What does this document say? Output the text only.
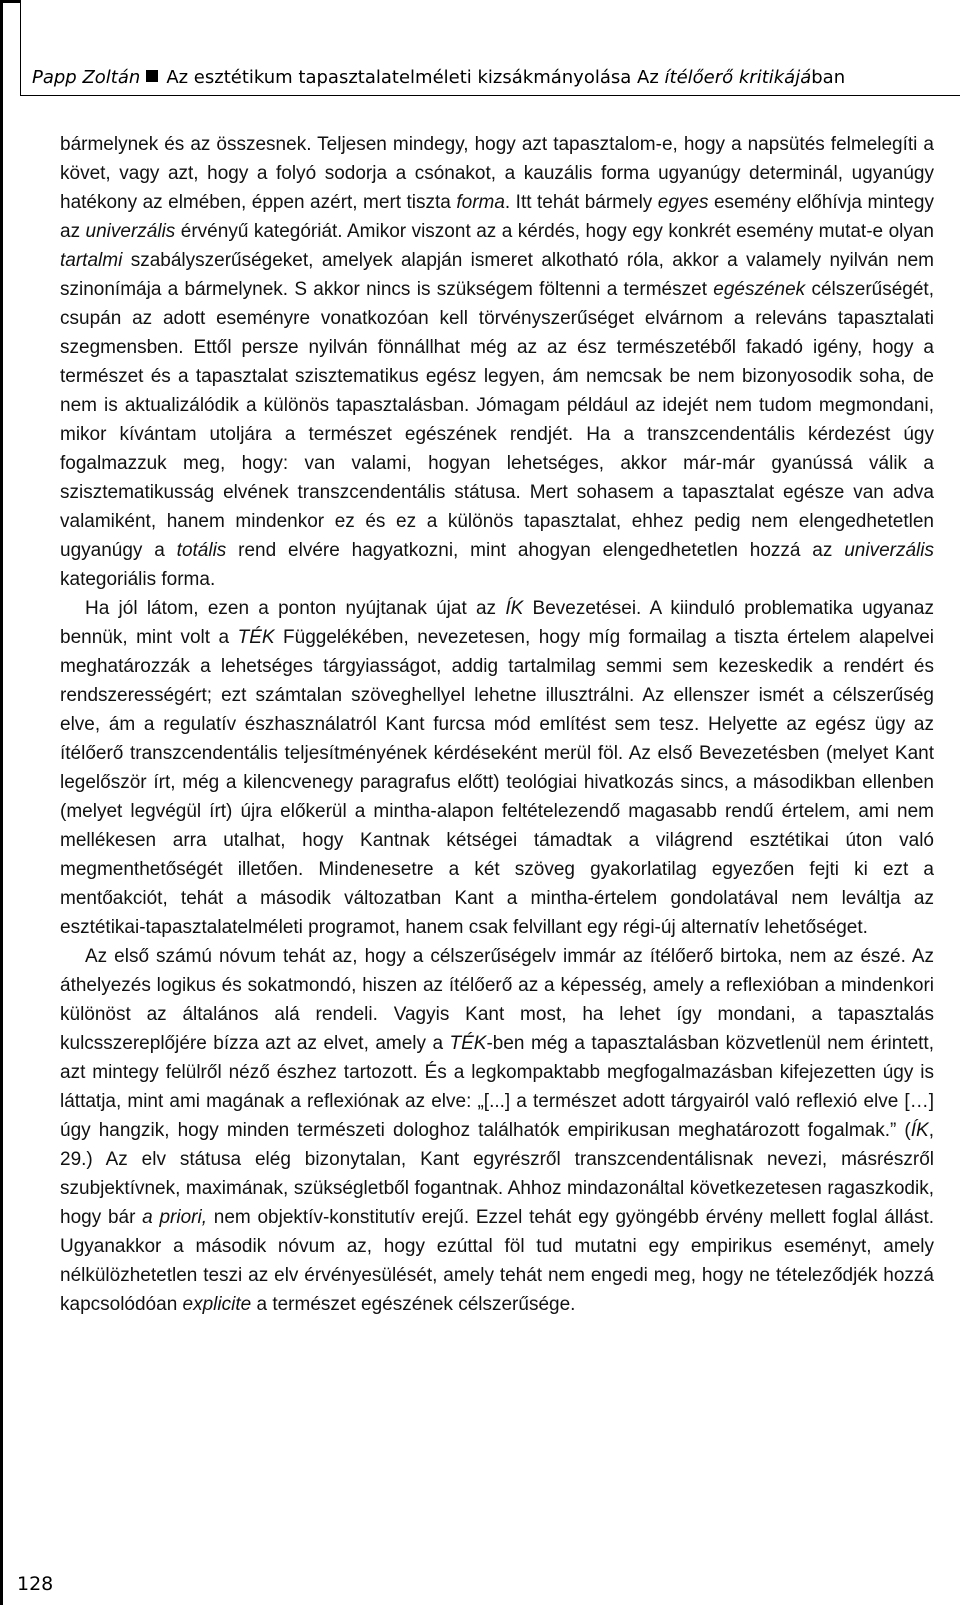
Papp Zoltán Az esztétikum tapasztalatelméleti kizsákmányolása Az ítélőerő kritikájában

bármelynek és az összesnek. Teljesen mindegy, hogy azt tapasztalom-e, hogy a napsütés felmelegíti a követ, vagy azt, hogy a folyó sodorja a csónakot, a kauzális forma ugyanúgy determinál, ugyanúgy hatékony az elmében, éppen azért, mert tiszta forma. Itt tehát bármely egyes esemény előhívja mintegy az univerzális érvényű kategóriát. Amikor viszont az a kérdés, hogy egy konkrét esemény mutat-e olyan tartalmi szabályszerűségeket, amelyek alapján ismeret alkotható róla, akkor a valamely nyilván nem szinonímája a bármelynek. S akkor nincs is szükségem föltenni a természet egészének célszerűségét, csupán az adott eseményre vonatkozóan kell törvényszerűséget elvárnom a releváns tapasztalati szegmensben. Ettől persze nyilván fönnállhat még az az ész természetéből fakadó igény, hogy a természet és a tapasztalat szisztematikus egész legyen, ám nemcsak be nem bizonyosodik soha, de nem is aktualizálódik a különös tapasztalásban. Jómagam például az idejét nem tudom megmondani, mikor kívántam utoljára a természet egészének rendjét. Ha a transzcendentális kérdezést úgy fogalmazzuk meg, hogy: van valami, hogyan lehetséges, akkor már-már gyanússá válik a szisztematikusság elvének transzcendentális státusa. Mert sohasem a tapasztalat egésze van adva valamiként, hanem mindenkor ez és ez a különös tapasztalat, ehhez pedig nem elengedhetetlen ugyanúgy a totális rend elvére hagyatkozni, mint ahogyan elengedhetetlen hozzá az univerzális kategoriális forma.

Ha jól látom, ezen a ponton nyújtanak újat az ÍK Bevezetései. A kiinduló problematika ugyanaz bennük, mint volt a TÉK Függelékében, nevezetesen, hogy míg formailag a tiszta értelem alapelvei meghatározzák a lehetséges tárgyiasságot, addig tartalmilag semmi sem kezeskedik a rendért és rendszerességért; ezt számtalan szöveghellyel lehetne illusztrálni. Az ellenszer ismét a célszerűség elve, ám a regulatív észhasználatról Kant furcsa mód említést sem tesz. Helyette az egész ügy az ítélőerő transzcendentális teljesítményének kérdéseként merül föl. Az első Bevezetésben (melyet Kant legelőször írt, még a kilencvenegy paragrafus előtt) teológiai hivatkozás sincs, a másodikban ellenben (melyet legvégül írt) újra előkerül a mintha-alapon feltételezendő magasabb rendű értelem, ami nem mellékesen arra utalhat, hogy Kantnak kétségei támadtak a világrend esztétikai úton való megmenthetőségét illetően. Mindenesetre a két szöveg gyakorlatilag egyezően fejti ki ezt a mentőakciót, tehát a második változatban Kant a mintha-értelem gondolatával nem leváltja az esztétikai-tapasztalatelméleti programot, hanem csak felvillant egy régi-új alternatív lehetőséget.

Az első számú nóvum tehát az, hogy a célszerűségelv immár az ítélőerő birtoka, nem az észé. Az áthelyezés logikus és sokatmondó, hiszen az ítélőerő az a képesség, amely a reflexióban a mindenkori különöst az általános alá rendeli. Vagyis Kant most, ha lehet így mondani, a tapasztalás kulcsszereplőjére bízza azt az elvet, amely a TÉK-ben még a tapasztalásban közvetlenül nem érintett, azt mintegy felülről néző észhez tartozott. És a legkompaktabb megfogalmazásban kifejezetten úgy is láttatja, mint ami magának a reflexiónak az elve: „[...] a természet adott tárgyairól való reflexió elve […] úgy hangzik, hogy minden természeti dologhoz találhatók empirikusan meghatározott fogalmak.” (ÍK, 29.) Az elv státusa elég bizonytalan, Kant egyrészről transzcendentálisnak nevezi, másrészről szubjektívnek, maximának, szükségletből fogantnak. Ahhoz mindazonáltal következetesen ragaszkodik, hogy bár a priori, nem objektív-konstitutív erejű. Ezzel tehát egy gyöngébb érvény mellett foglal állást. Ugyanakkor a második nóvum az, hogy ezúttal föl tud mutatni egy empirikus eseményt, amely nélkülözhetetlen teszi az elv érvényesülését, amely tehát nem engedi meg, hogy ne tételeződjék hozzá kapcsolódóan explicite a természet egészének célszerűsége.

128
